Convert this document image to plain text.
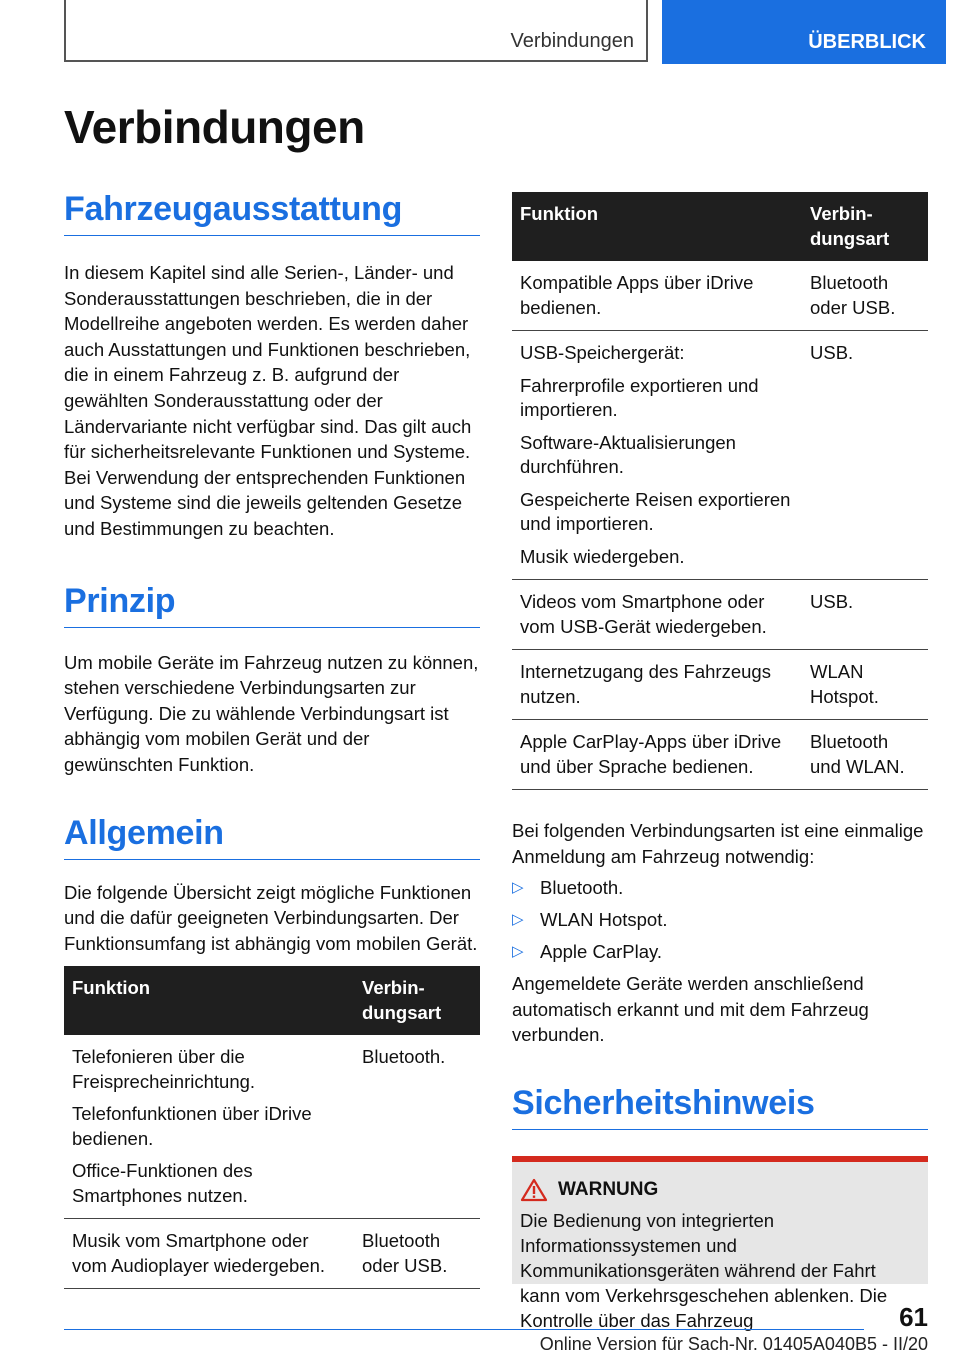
Verbindungen	ÜBERBLICK
Verbindungen
Fahrzeugausstattung

In diesem Kapitel sind alle Serien-, Länder- und Sonderausstattungen beschrieben, die in der Modellreihe angeboten werden. Es werden daher auch Ausstattungen und Funktionen beschrieben, die in einem Fahrzeug z. B. aufgrund der gewählten Sonderausstattung oder der Ländervariante nicht verfügbar sind. Das gilt auch für sicherheitsrelevante Funktionen und Systeme. Bei Verwendung der entsprechenden Funktionen und Systeme sind die jeweils geltenden Gesetze und Bestimmungen zu beachten.

Prinzip

Um mobile Geräte im Fahrzeug nutzen zu können, stehen verschiedene Verbindungsarten zur Verfügung. Die zu wählende Verbindungsart ist abhängig vom mobilen Gerät und der gewünschten Funktion.

Allgemein

Die folgende Übersicht zeigt mögliche Funktionen und die dafür geeigneten Verbindungsarten. Der Funktionsumfang ist abhängig vom mobilen Gerät.

Funktion	Verbin-
dungsart

Telefonieren über die Freisprecheinrichtung.
Telefonfunktionen über iDrive bedienen.
Office-Funktionen des Smartphones nutzen.	Bluetooth.

Musik vom Smartphone oder vom Audioplayer wiedergeben.	Bluetooth oder USB.
Funktion	Verbin-
dungsart

Kompatible Apps über iDrive bedienen.	Bluetooth oder USB.

USB-Speichergerät:
Fahrerprofile exportieren und importieren.
Software-Aktualisierungen durchführen.
Gespeicherte Reisen exportieren und importieren.
Musik wiedergeben.	USB.

Videos vom Smartphone oder vom USB-Gerät wiedergeben.	USB.

Internetzugang des Fahrzeugs nutzen.	WLAN Hotspot.

Apple CarPlay-Apps über iDrive und über Sprache bedienen.	Bluetooth und WLAN.

Bei folgenden Verbindungsarten ist eine einmalige Anmeldung am Fahrzeug notwendig:

▷ Bluetooth.
▷ WLAN Hotspot.
▷ Apple CarPlay.

Angemeldete Geräte werden anschließend automatisch erkannt und mit dem Fahrzeug verbunden.

Sicherheitshinweis
WARNUNG

Die Bedienung von integrierten Informationssystemen und Kommunikationsgeräten während der Fahrt kann vom Verkehrsgeschehen ablenken. Die Kontrolle über das Fahrzeug	61
Online Version für Sach-Nr. 01405A040B5 - II/20
